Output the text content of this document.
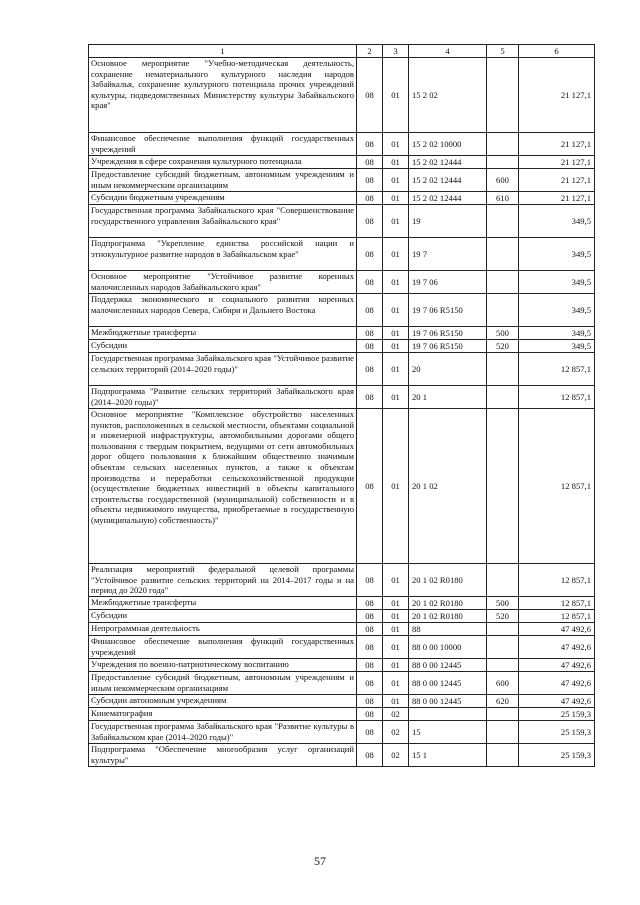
1	2	3	4	5	6
Основное мероприятие "Учебно-методическая деятельность, сохранение нематериального культурного наследия народов Забайкалья, сохранение культурного потенциала прочих учреждений культуры, подведомственных Министерству культуры Забайкальского края"	08	01	15 2 02		21 127,1
Финансовое обеспечение выполнения функций государственных учреждений	08	01	15 2 02 10000		21 127,1
Учреждения в сфере сохранения культурного потенциала	08	01	15 2 02 12444		21 127,1
Предоставление субсидий бюджетным, автономным учреждениям и иным некоммерческим организациям	08	01	15 2 02 12444	600	21 127,1
Субсидии бюджетным учреждениям	08	01	15 2 02 12444	610	21 127,1
Государственная программа Забайкальского края "Совершенствование государственного управления Забайкальского края"	08	01	19		349,5
Подпрограмма "Укрепление единства российской нации и этнокультурное развитие народов в Забайкальском крае"	08	01	19 7		349,5
Основное мероприятие "Устойчивое развитие коренных малочисленных народов Забайкальского края"	08	01	19 7 06		349,5
Поддержка экономического и социального развития коренных малочисленных народов Севера, Сибири и Дальнего Востока	08	01	19 7 06 R5150		349,5
Межбюджетные трансферты	08	01	19 7 06 R5150	500	349,5
Субсидии	08	01	19 7 06 R5150	520	349,5
Государственная программа Забайкальского края "Устойчивое развитие сельских территорий (2014–2020 годы)"	08	01	20		12 857,1
Подпрограмма "Развитие сельских территорий Забайкальского края (2014–2020 годы)"	08	01	20 1		12 857,1
Основное мероприятие "Комплексное обустройство населенных пунктов, расположенных в сельской местности, объектами социальной и инженерной инфраструктуры, автомобильными дорогами общего пользования с твердым покрытием, ведущими от сети автомобильных дорог общего пользования к ближайшим общественно значимым объектам сельских населенных пунктов, а также к объектам производства и переработки сельскохозяйственной продукции (осуществление бюджетных инвестиций в объекты капитального строительства государственной (муниципальной) собственности и в объекты недвижимого имущества, приобретаемые в государственную (муниципальную) собственность)"	08	01	20 1 02		12 857,1
Реализация мероприятий федеральной целевой программы "Устойчивое развитие сельских территорий на 2014–2017 годы и на период до 2020 года"	08	01	20 1 02 R0180		12 857,1
Межбюджетные трансферты	08	01	20 1 02 R0180	500	12 857,1
Субсидии	08	01	20 1 02 R0180	520	12 857,1
Непрограммная деятельность	08	01	88		47 492,6
Финансовое обеспечение выполнения функций государственных учреждений	08	01	88 0 00 10000		47 492,6
Учреждения по военно-патриотическому воспитанию	08	01	88 0 00 12445		47 492,6
Предоставление субсидий бюджетным, автономным учреждениям и иным некоммерческим организациям	08	01	88 0 00 12445	600	47 492,6
Субсидии автономным учреждениям	08	01	88 0 00 12445	620	47 492,6
Кинематография	08	02			25 159,3
Государственная программа Забайкальского края "Развитие культуры в Забайкальском крае (2014–2020 годы)"	08	02	15		25 159,3
Подпрограмма "Обеспечение многообразия услуг организаций культуры"	08	02	15 1		25 159,3
57
